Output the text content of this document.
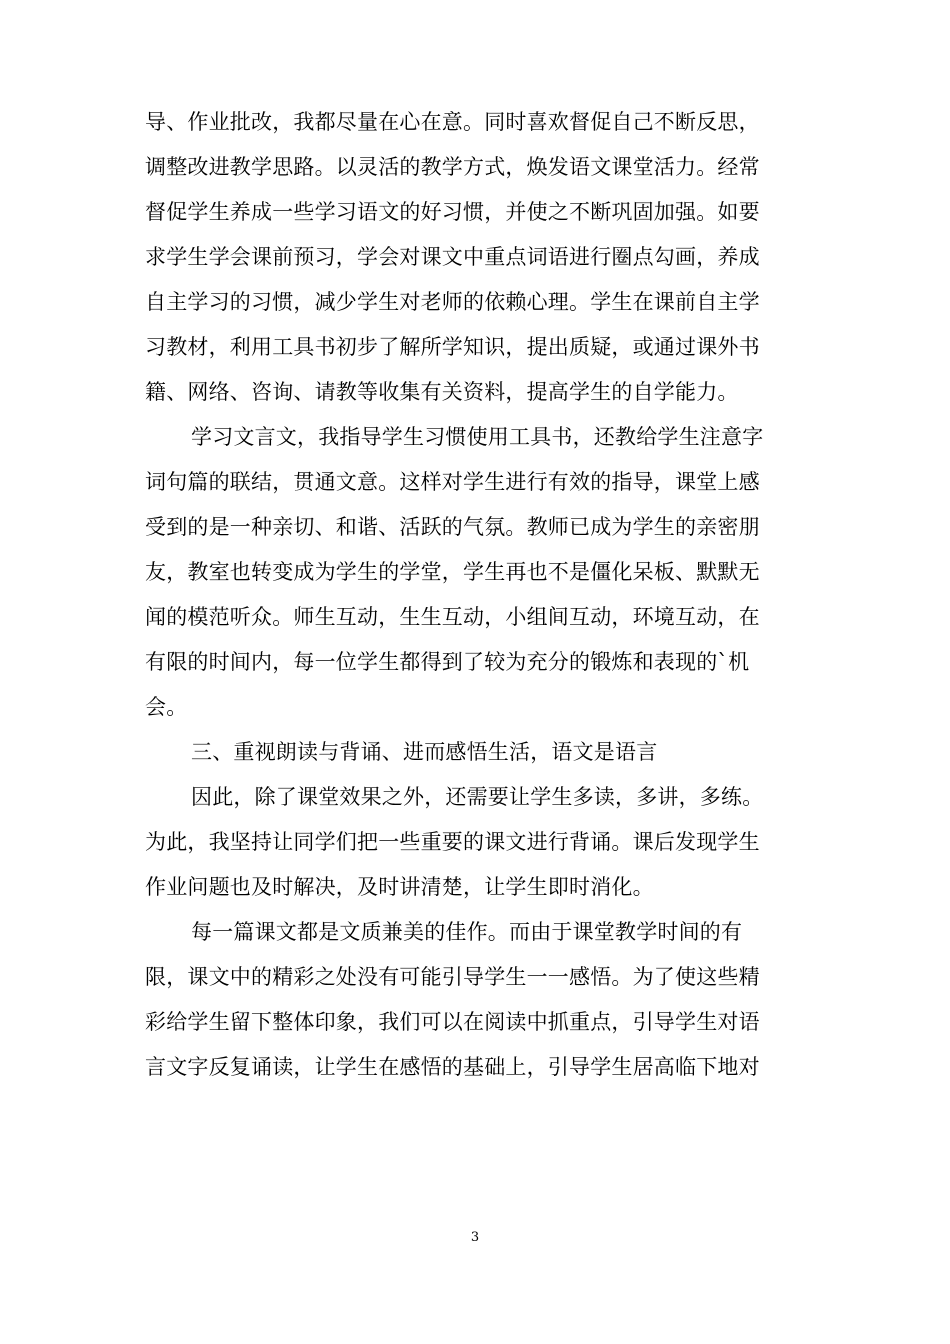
导、作业批改，我都尽量在心在意。同时喜欢督促自己不断反思，
调整改进教学思路。以灵活的教学方式，焕发语文课堂活力。经常
督促学生养成一些学习语文的好习惯，并使之不断巩固加强。如要
求学生学会课前预习，学会对课文中重点词语进行圈点勾画，养成
自主学习的习惯，减少学生对老师的依赖心理。学生在课前自主学
习教材，利用工具书初步了解所学知识，提出质疑，或通过课外书
籍、网络、咨询、请教等收集有关资料，提高学生的自学能力。
学习文言文，我指导学生习惯使用工具书，还教给学生注意字
词句篇的联结，贯通文意。这样对学生进行有效的指导，课堂上感
受到的是一种亲切、和谐、活跃的气氛。教师已成为学生的亲密朋
友，教室也转变成为学生的学堂，学生再也不是僵化呆板、默默无
闻的模范听众。师生互动，生生互动，小组间互动，环境互动，在
有限的时间内，每一位学生都得到了较为充分的锻炼和表现的`机
会。
三、重视朗读与背诵、进而感悟生活，语文是语言
因此，除了课堂效果之外，还需要让学生多读，多讲，多练。
为此，我坚持让同学们把一些重要的课文进行背诵。课后发现学生
作业问题也及时解决，及时讲清楚，让学生即时消化。
每一篇课文都是文质兼美的佳作。而由于课堂教学时间的有
限，课文中的精彩之处没有可能引导学生一一感悟。为了使这些精
彩给学生留下整体印象，我们可以在阅读中抓重点，引导学生对语
言文字反复诵读，让学生在感悟的基础上，引导学生居高临下地对
3
